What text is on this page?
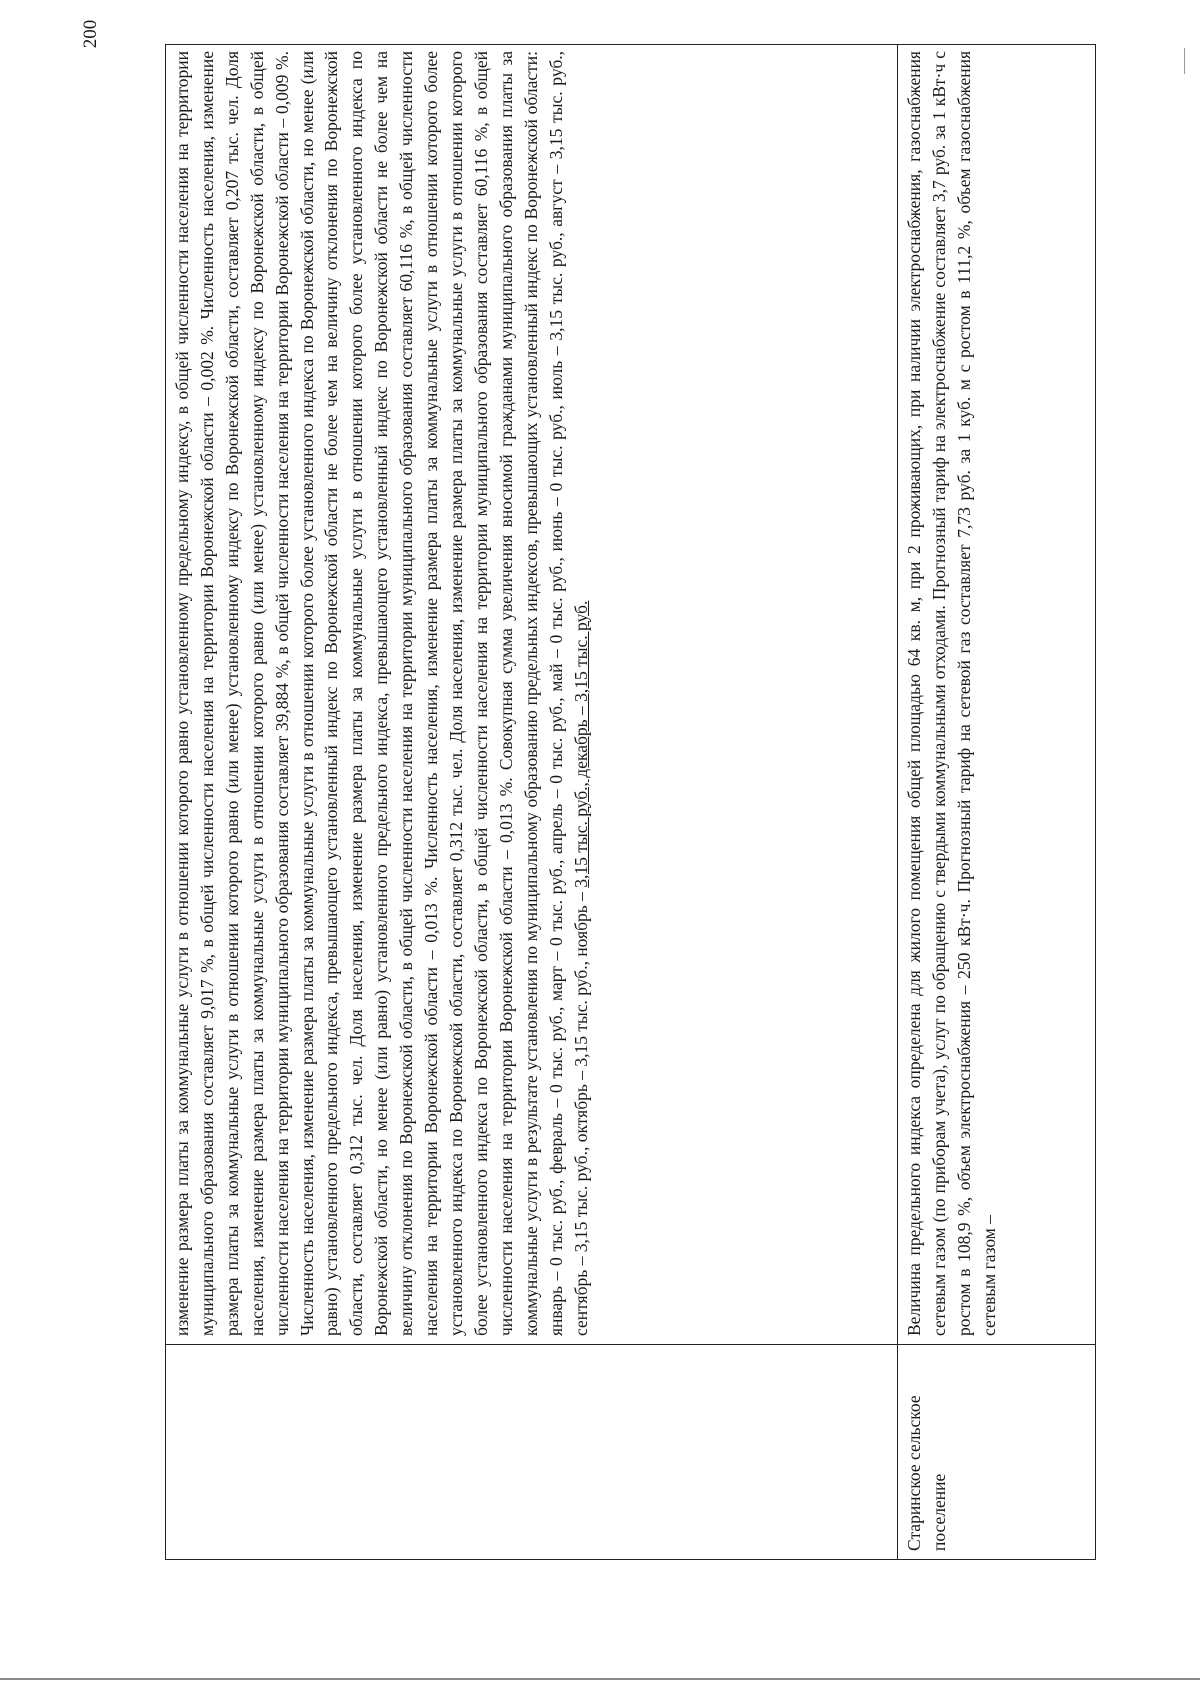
200
	изменение размера платы за коммунальные услуги в отношении которого равно установленному предельному индексу, в общей численности населения на территории муниципального образования составляет 9,017 %, в общей численности населения на территории Воронежской области – 0,002 %. Численность населения, изменение размера платы за коммунальные услуги в отношении которого равно (или менее) установленному индексу по Воронежской области, составляет 0,207 тыс. чел. Доля населения, изменение размера платы за коммунальные услуги в отношении которого равно (или менее) установленному индексу по Воронежской области, в общей численности населения на территории муниципального образования составляет 39,884 %, в общей численности населения на территории Воронежской области – 0,009 %. Численность населения, изменение размера платы за коммунальные услуги в отношении которого более установленного индекса по Воронежской области, но менее (или равно) установленного предельного индекса, превышающего установленный индекс по Воронежской области не более чем на величину отклонения по Воронежской области, составляет 0,312 тыс. чел. Доля населения, изменение размера платы за коммунальные услуги в отношении которого более установленного индекса по Воронежской области, но менее (или равно) установленного предельного индекса, превышающего установленный индекс по Воронежской области не более чем на величину отклонения по Воронежской области, в общей численности населения на территории муниципального образования составляет 60,116 %, в общей численности населения на территории Воронежской области – 0,013 %. Численность населения, изменение размера платы за коммунальные услуги в отношении которого более установленного индекса по Воронежской области, составляет 0,312 тыс. чел. Доля населения, изменение размера платы за коммунальные услуги в отношении которого более установленного индекса по Воронежской области, в общей численности населения на территории муниципального образования составляет 60,116 %, в общей численности населения на территории Воронежской области – 0,013 %. Совокупная сумма увеличения вносимой гражданами муниципального образования платы за коммунальные услуги в результате установления по муниципальному образованию предельных индексов, превышающих установленный индекс по Воронежской области: январь – 0 тыс. руб., февраль – 0 тыс. руб., март – 0 тыс. руб., апрель – 0 тыс. руб., май – 0 тыс. руб., июнь – 0 тыс. руб., июль – 3,15 тыс. руб., август – 3,15 тыс. руб., сентябрь – 3,15 тыс. руб., октябрь – 3,15 тыс. руб., ноябрь – 3,15 тыс. руб., декабрь – 3,15 тыс. руб.
Старинское сельское поселение	Величина предельного индекса определена для жилого помещения общей площадью 64 кв. м, при 2 проживающих, при наличии электроснабжения, газоснабжения сетевым газом (по приборам учета), услуг по обращению с твердыми коммунальными отходами. Прогнозный тариф на электроснабжение составляет 3,7 руб. за 1 кВт·ч с ростом в 108,9 %, объем электроснабжения – 250 кВт·ч. Прогнозный тариф на сетевой газ составляет 7,73 руб. за 1 куб. м с ростом в 111,2 %, объем газоснабжения сетевым газом –
